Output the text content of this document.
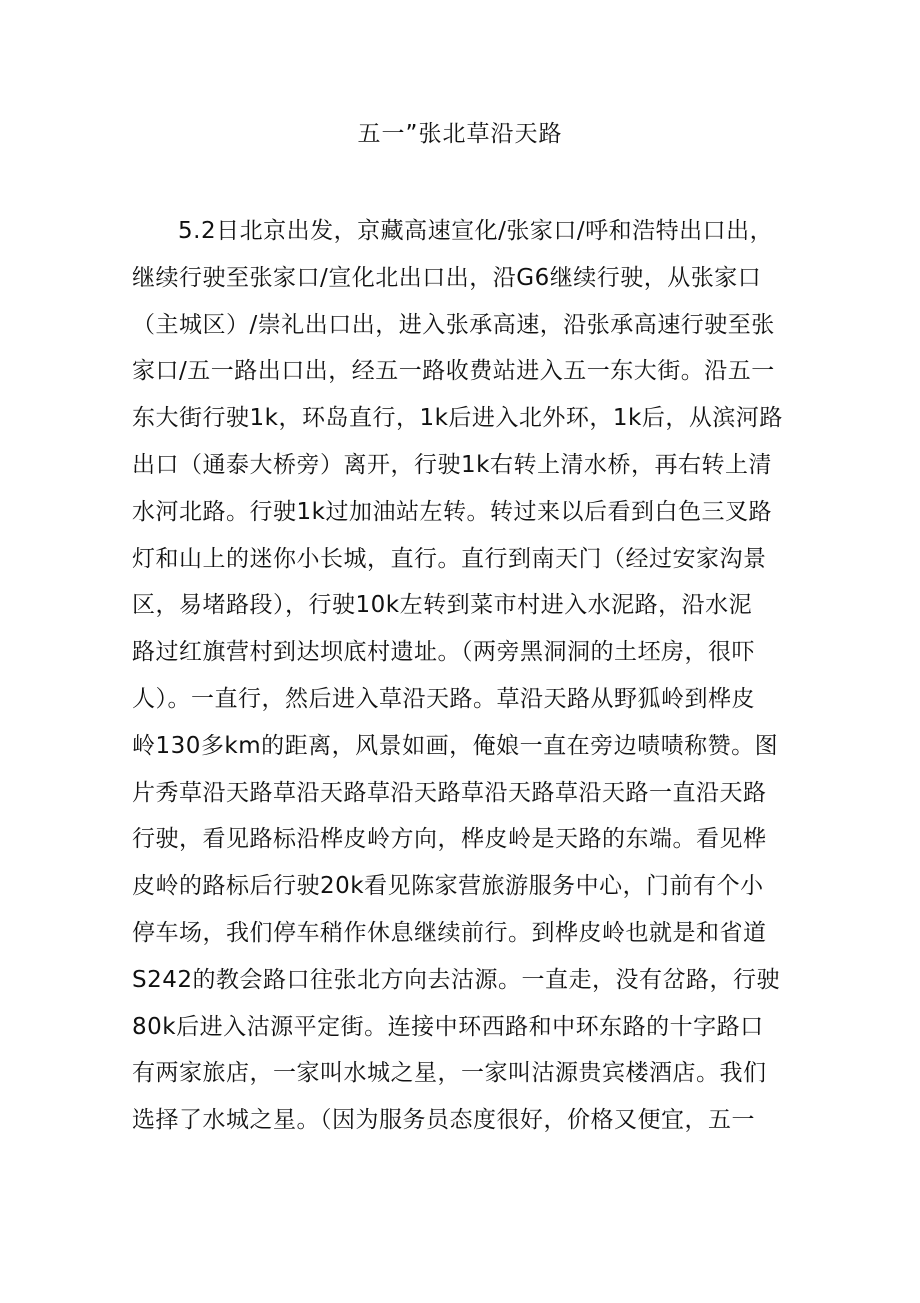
五一”张北草沿天路
5.2日北京出发，京藏高速宣化/张家口/呼和浩特出口出，
继续行驶至张家口/宣化北出口出，沿G6继续行驶，从张家口
（主城区）/崇礼出口出，进入张承高速，沿张承高速行驶至张
家口/五一路出口出，经五一路收费站进入五一东大街。沿五一
东大街行驶1k，环岛直行，1k后进入北外环，1k后，从滨河路
出口（通泰大桥旁）离开，行驶1k右转上清水桥，再右转上清
水河北路。行驶1k过加油站左转。转过来以后看到白色三叉路
灯和山上的迷你小长城，直行。直行到南天门（经过安家沟景
区，易堵路段），行驶10k左转到菜市村进入水泥路，沿水泥
路过红旗营村到达坝底村遗址。（两旁黑洞洞的土坯房，很吓
人）。一直行，然后进入草沿天路。草沿天路从野狐岭到桦皮
岭130多km的距离，风景如画，俺娘一直在旁边啧啧称赞。图
片秀草沿天路草沿天路草沿天路草沿天路草沿天路一直沿天路
行驶，看见路标沿桦皮岭方向，桦皮岭是天路的东端。看见桦
皮岭的路标后行驶20k看见陈家营旅游服务中心，门前有个小
停车场，我们停车稍作休息继续前行。到桦皮岭也就是和省道
S242的教会路口往张北方向去沽源。一直走，没有岔路，行驶
80k后进入沽源平定街。连接中环西路和中环东路的十字路口
有两家旅店，一家叫水城之星，一家叫沽源贵宾楼酒店。我们
选择了水城之星。（因为服务员态度很好，价格又便宜，五一
